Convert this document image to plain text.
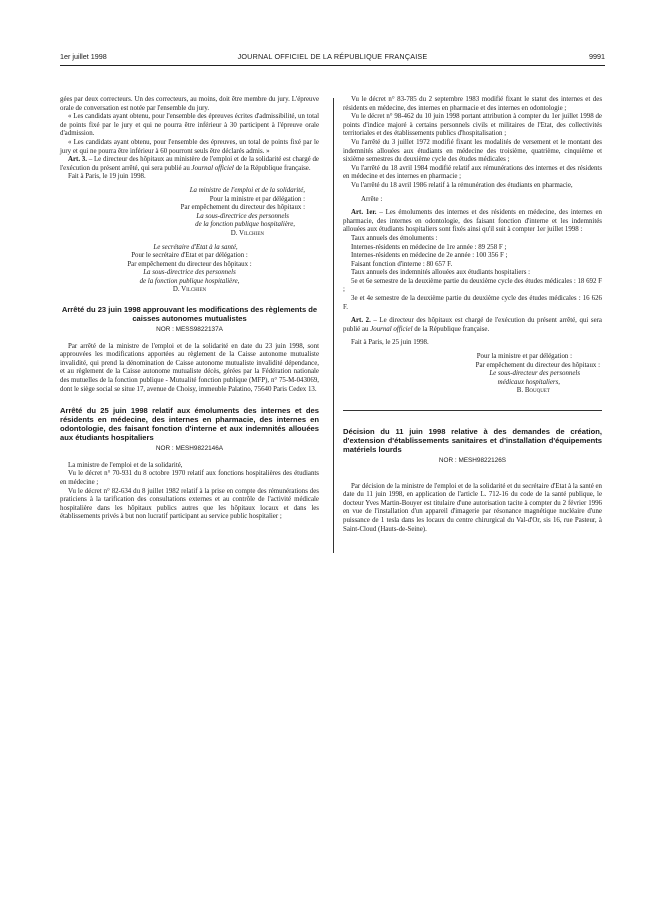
1er juillet 1998	JOURNAL OFFICIEL DE LA RÉPUBLIQUE FRANÇAISE	9991

gées par deux correcteurs. Un des correcteurs, au moins, doit être membre du jury. L'épreuve orale de conversation est notée par l'ensemble du jury.

« Les candidats ayant obtenu, pour l'ensemble des épreuves écrites d'admissibilité, un total de points fixé par le jury et qui ne pourra être inférieur à 30 participent à l'épreuve orale d'admission.

« Les candidats ayant obtenu, pour l'ensemble des épreuves, un total de points fixé par le jury et qui ne pourra être inférieur à 60 pourront seuls être déclarés admis. »

Art. 3. – Le directeur des hôpitaux au ministère de l'emploi et de la solidarité est chargé de l'exécution du présent arrêté, qui sera publié au Journal officiel de la République française.

Fait à Paris, le 19 juin 1998.

La ministre de l'emploi et de la solidarité,

Pour la ministre et par délégation :

Par empêchement du directeur des hôpitaux :

La sous-directrice des personnels

de la fonction publique hospitalière,

D. Vilchien

Le secrétaire d'Etat à la santé,

Pour le secrétaire d'Etat et par délégation :

Par empêchement du directeur des hôpitaux :

La sous-directrice des personnels

de la fonction publique hospitalière,

D. Vilchien

Arrêté du 23 juin 1998 approuvant les modifications des règlements de caisses autonomes mutualistes
NOR : MESS9822137A

Par arrêté de la ministre de l'emploi et de la solidarité en date du 23 juin 1998, sont approuvées les modifications apportées au règlement de la Caisse autonome mutualiste invalidité, qui prend la dénomination de Caisse autonome mutualiste invalidité dépendance, et au règlement de la Caisse autonome mutualiste décès, gérées par la Fédération nationale des mutuelles de la fonction publique - Mutualité fonction publique (MFP), n° 75-M-043069, dont le siège social se situe 17, avenue de Choisy, immeuble Palatino, 75640 Paris Cedex 13.

Arrêté du 25 juin 1998 relatif aux émoluments des internes et des résidents en médecine, des internes en pharmacie, des internes en odontologie, des faisant fonction d'interne et aux indemnités allouées aux étudiants hospitaliers
NOR : MESH9822146A

La ministre de l'emploi et de la solidarité,

Vu le décret n° 70-931 du 8 octobre 1970 relatif aux fonctions hospitalières des étudiants en médecine ;

Vu le décret n° 82-634 du 8 juillet 1982 relatif à la prise en compte des rémunérations des praticiens à la tarification des consultations externes et au contrôle de l'activité médicale hospitalière dans les hôpitaux publics autres que les hôpitaux locaux et dans les établissements privés à but non lucratif participant au service public hospitalier ;

Vu le décret n° 83-785 du 2 septembre 1983 modifié fixant le statut des internes et des résidents en médecine, des internes en pharmacie et des internes en odontologie ;

Vu le décret n° 98-462 du 10 juin 1998 portant attribution à compter du 1er juillet 1998 de points d'indice majoré à certains personnels civils et militaires de l'Etat, des collectivités territoriales et des établissements publics d'hospitalisation ;

Vu l'arrêté du 3 juillet 1972 modifié fixant les modalités de versement et le montant des indemnités allouées aux étudiants en médecine des troisième, quatrième, cinquième et sixième semestres du deuxième cycle des études médicales ;

Vu l'arrêté du 18 avril 1984 modifié relatif aux rémunérations des internes et des résidents en médecine et des internes en pharmacie ;

Vu l'arrêté du 18 avril 1986 relatif à la rémunération des étudiants en pharmacie,

Arrête :

Art. 1er. – Les émoluments des internes et des résidents en médecine, des internes en pharmacie, des internes en odontologie, des faisant fonction d'interne et les indemnités allouées aux étudiants hospitaliers sont fixés ainsi qu'il suit à compter 1er juillet 1998 :

Taux annuels des émoluments :

Internes-résidents en médecine de 1re année : 89 258 F ;

Internes-résidents en médecine de 2e année : 100 356 F ;

Faisant fonction d'interne : 80 657 F.

Taux annuels des indemnités allouées aux étudiants hospitaliers :

5e et 6e semestre de la deuxième partie du deuxième cycle des études médicales : 18 692 F ;

3e et 4e semestre de la deuxième partie du deuxième cycle des études médicales : 16 626 F.

Art. 2. – Le directeur des hôpitaux est chargé de l'exécution du présent arrêté, qui sera publié au Journal officiel de la République française.

Fait à Paris, le 25 juin 1998.

Pour la ministre et par délégation :

Par empêchement du directeur des hôpitaux :

Le sous-directeur des personnels

médicaux hospitaliers,

B. Bouquet

Décision du 11 juin 1998 relative à des demandes de création, d'extension d'établissements sanitaires et d'installation d'équipements matériels lourds
NOR : MESH9822126S

Par décision de la ministre de l'emploi et de la solidarité et du secrétaire d'Etat à la santé en date du 11 juin 1998, en application de l'article L. 712-16 du code de la santé publique, le docteur Yves Martin-Bouyer est titulaire d'une autorisation tacite à compter du 2 février 1996 en vue de l'installation d'un appareil d'imagerie par résonance magnétique nucléaire d'une puissance de 1 tesla dans les locaux du centre chirurgical du Val-d'Or, sis 16, rue Pasteur, à Saint-Cloud (Hauts-de-Seine).
